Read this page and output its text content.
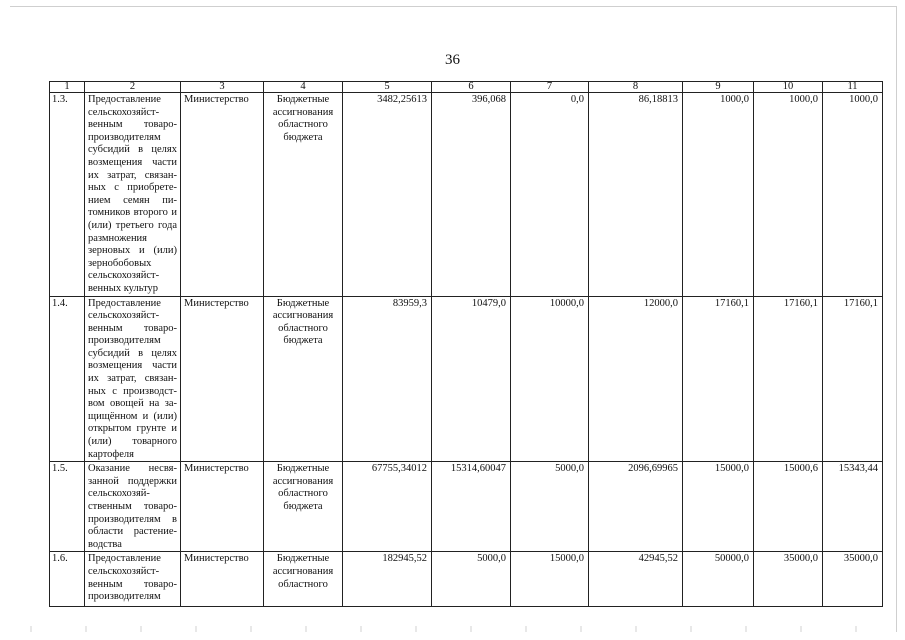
36
1	2	3	4	5	6	7	8	9	10	11
1.3.	Предоставление сельскохозяйст-венным товаро-производителям субсидий в целях возмещения части их затрат, связан-ных с приобрете-нием семян пи-томников второго и (или) третьего года размножения зерновых и (или) зернобобовых сельскохозяйст-венных культур	Министерство	Бюджетные ассигнования областного бюджета	3482,25613	396,068	0,0	86,18813	1000,0	1000,0	1000,0
1.4.	Предоставление сельскохозяйст-венным товаро-производителям субсидий в целях возмещения части их затрат, связан-ных с производст-вом овощей на за-щищённом и (или) открытом грунте и (или) товарного картофеля	Министерство	Бюджетные ассигнования областного бюджета	83959,3	10479,0	10000,0	12000,0	17160,1	17160,1	17160,1
1.5.	Оказание несвя-занной поддержки сельскохозяй-ственным товаро-производителям в области растение-водства	Министерство	Бюджетные ассигнования областного бюджета	67755,34012	15314,60047	5000,0	2096,69965	15000,0	15000,6	15343,44
1.6.	Предоставление сельскохозяйст-венным товаро-производителям	Министерство	Бюджетные ассигнования областного	182945,52	5000,0	15000,0	42945,52	50000,0	35000,0	35000,0
